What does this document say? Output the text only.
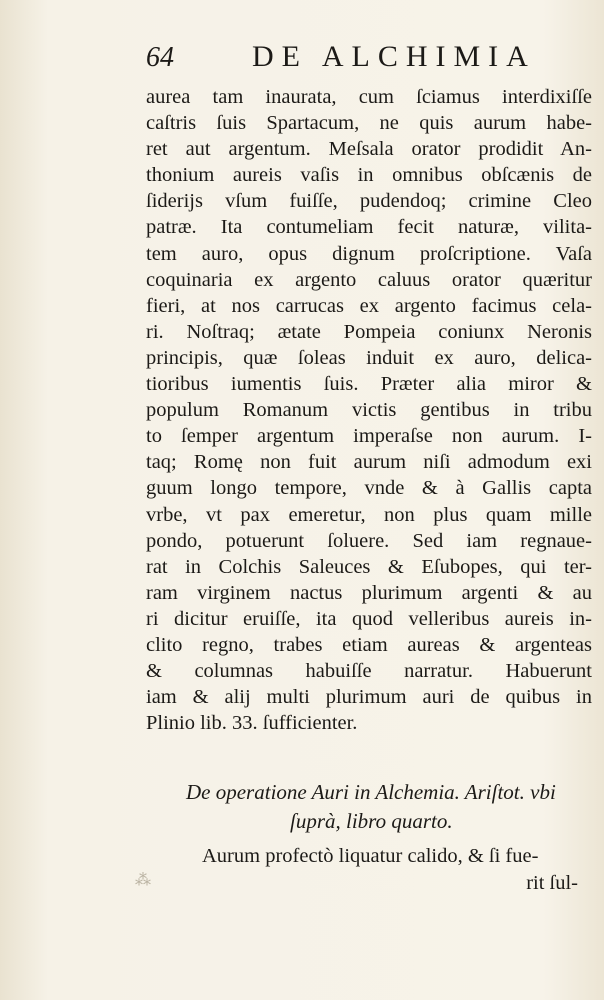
64	DE ALCHIMIA
aurea tam inaurata, cum ſciamus interdixiſſe
caſtris ſuis Spartacum, ne quis aurum habe-
ret aut argentum. Meſsala orator prodidit An-
thonium aureis vaſis in omnibus obſcænis de
ſiderijs vſum fuiſſe, pudendoq; crimine Cleo
patræ. Ita contumeliam fecit naturæ, vilita-
tem auro, opus dignum proſcriptione. Vaſa
coquinaria ex argento caluus orator quæritur
fieri, at nos carrucas ex argento facimus cela-
ri. Noſtraq; ætate Pompeia coniunx Neronis
principis, quæ ſoleas induit ex auro, delica-
tioribus iumentis ſuis. Præter alia miror &
populum Romanum victis gentibus in tribu
to ſemper argentum imperaſse non aurum. I-
taq; Romę non fuit aurum niſi admodum exi
guum longo tempore, vnde & à Gallis capta
vrbe, vt pax emeretur, non plus quam mille
pondo, potuerunt ſoluere. Sed iam regnaue-
rat in Colchis Saleuces & Eſubopes, qui ter-
ram virginem nactus plurimum argenti & au
ri dicitur eruiſſe, ita quod velleribus aureis in-
clito regno, trabes etiam aureas & argenteas
& columnas habuiſſe narratur. Habuerunt
iam & alij multi plurimum auri de quibus in
Plinio lib. 33. ſufficienter.
De operatione Auri in Alchemia. Ariſtot. vbi
ſuprà, libro quarto.
Aurum profectò liquatur calido, & ſi fue-
rit ſul-
⁂
